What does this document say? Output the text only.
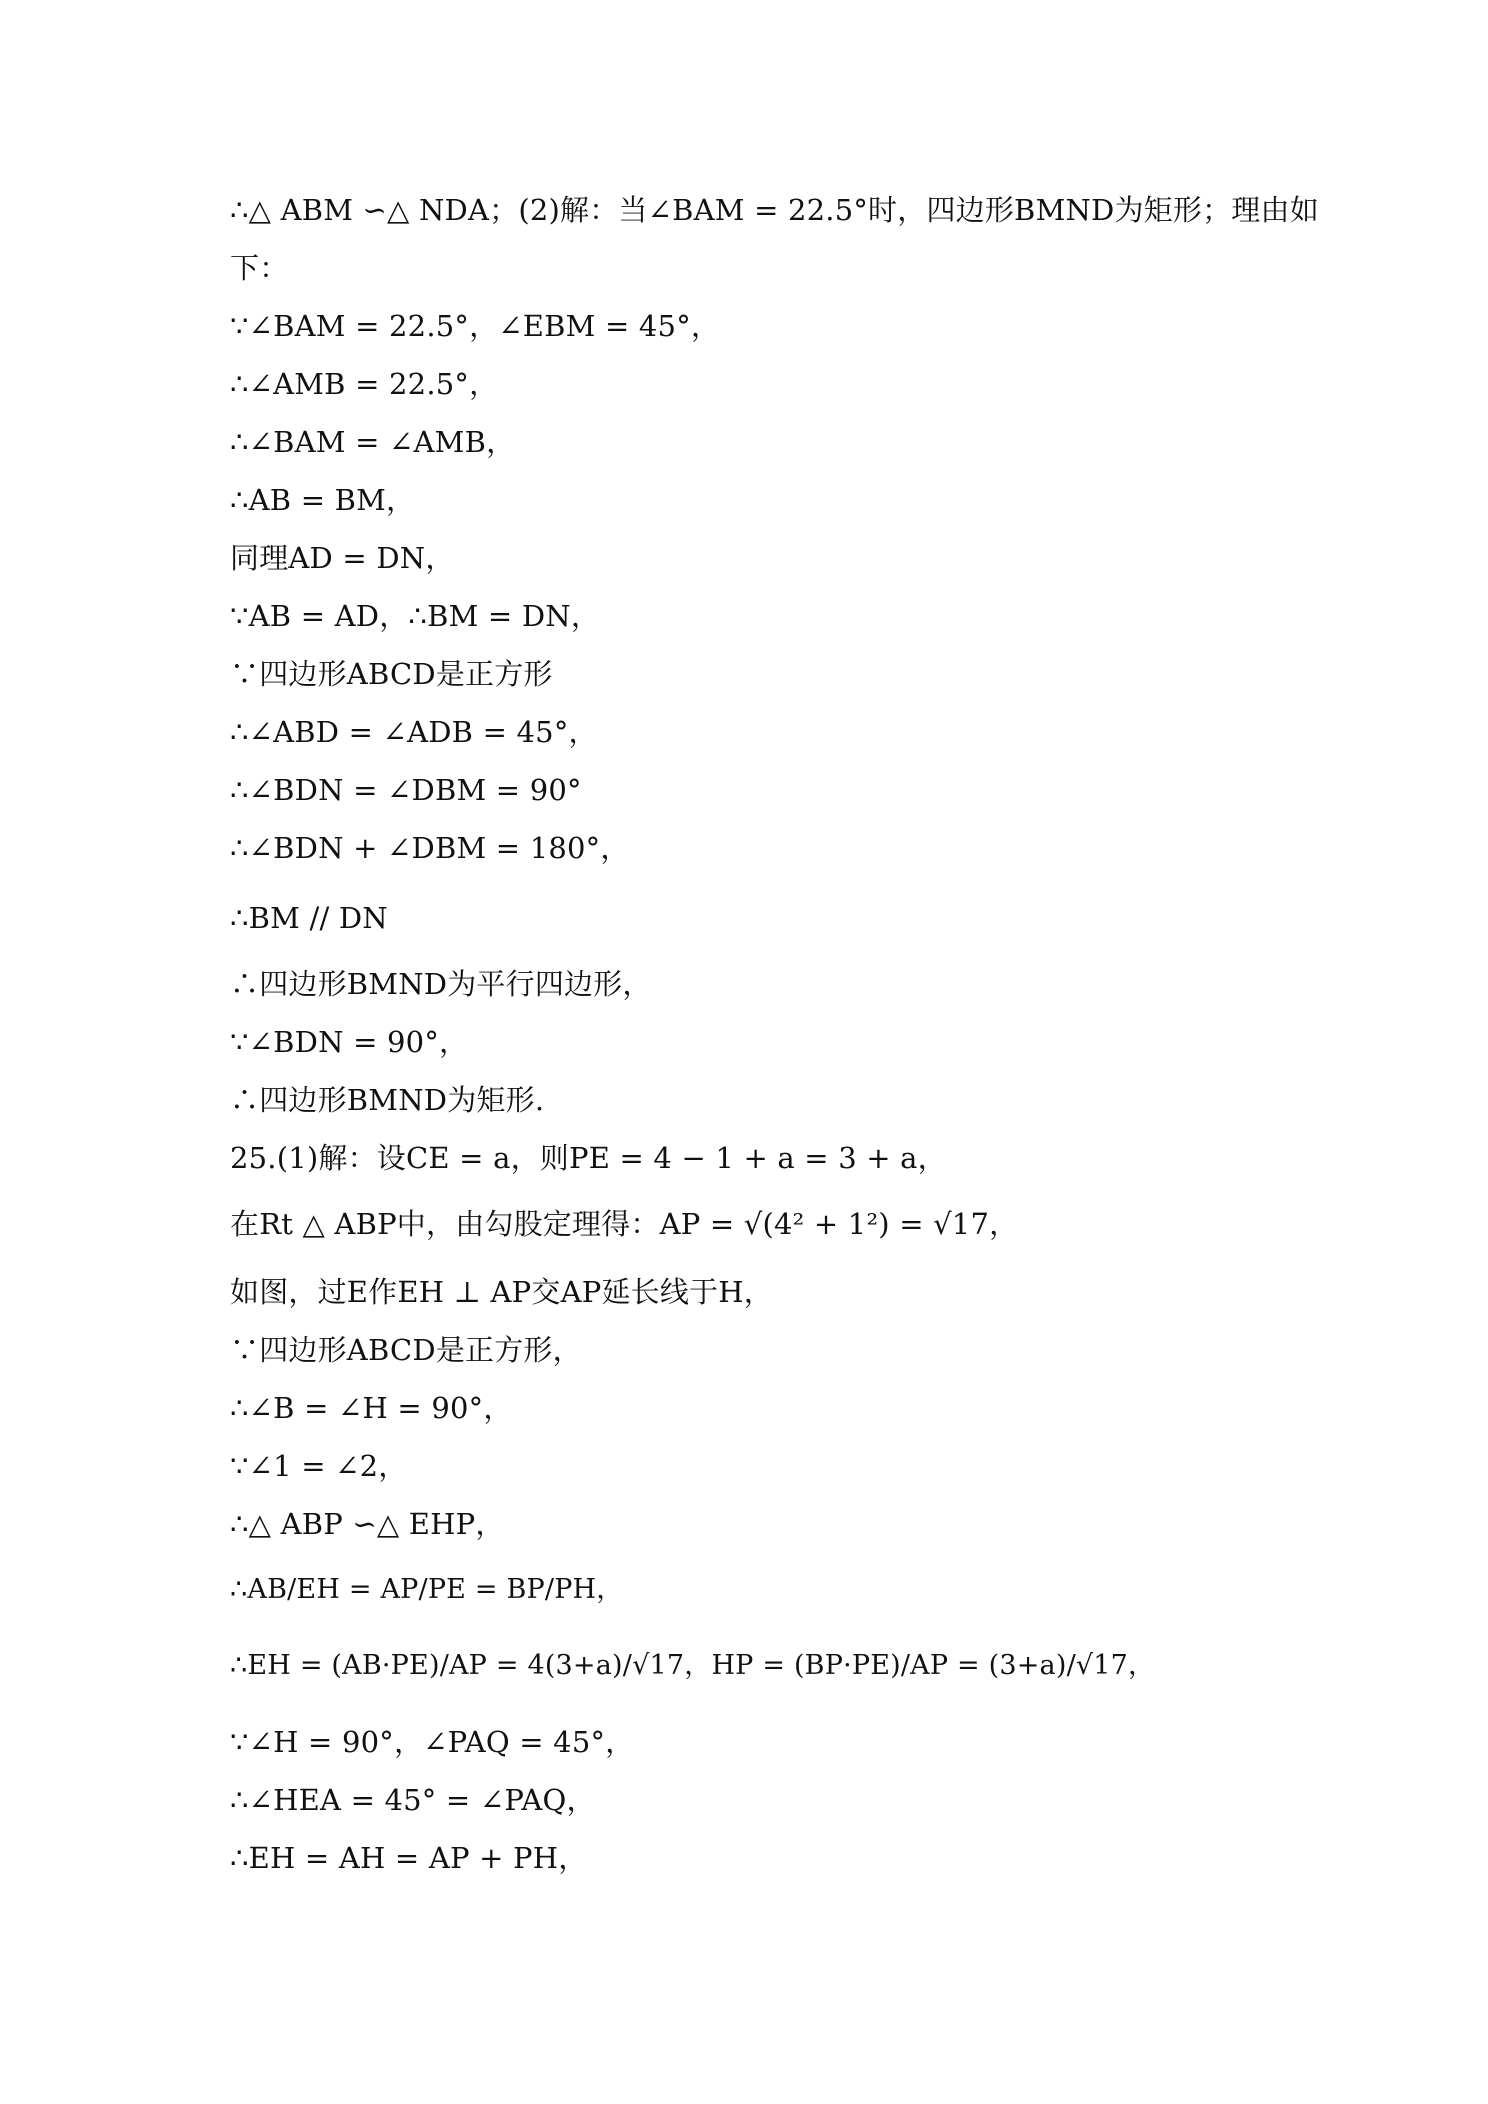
∴△ ABM ∽△ NDA；(2)解：当∠BAM = 22.5°时，四边形BMND为矩形；理由如
下：
∵∠BAM = 22.5°，∠EBM = 45°，
∴∠AMB = 22.5°，
∴∠BAM = ∠AMB，
∴AB = BM，
同理AD = DN，
∵AB = AD，∴BM = DN，
∵四边形ABCD是正方形
∴∠ABD = ∠ADB = 45°，
∴∠BDN = ∠DBM = 90°
∴∠BDN + ∠DBM = 180°，
∴BM // DN
∴四边形BMND为平行四边形，
∵∠BDN = 90°，
∴四边形BMND为矩形.
25.(1)解：设CE = a，则PE = 4 − 1 + a = 3 + a，
在Rt △ ABP中，由勾股定理得：AP = √(4² + 1²) = √17，
如图，过E作EH ⊥ AP交AP延长线于H，
∵四边形ABCD是正方形，
∴∠B = ∠H = 90°，
∵∠1 = ∠2，
∴△ ABP ∽△ EHP，
∴AB/EH = AP/PE = BP/PH，
∴EH = (AB·PE)/AP = 4(3+a)/√17，HP = (BP·PE)/AP = (3+a)/√17，
∵∠H = 90°，∠PAQ = 45°，
∴∠HEA = 45° = ∠PAQ，
∴EH = AH = AP + PH，
